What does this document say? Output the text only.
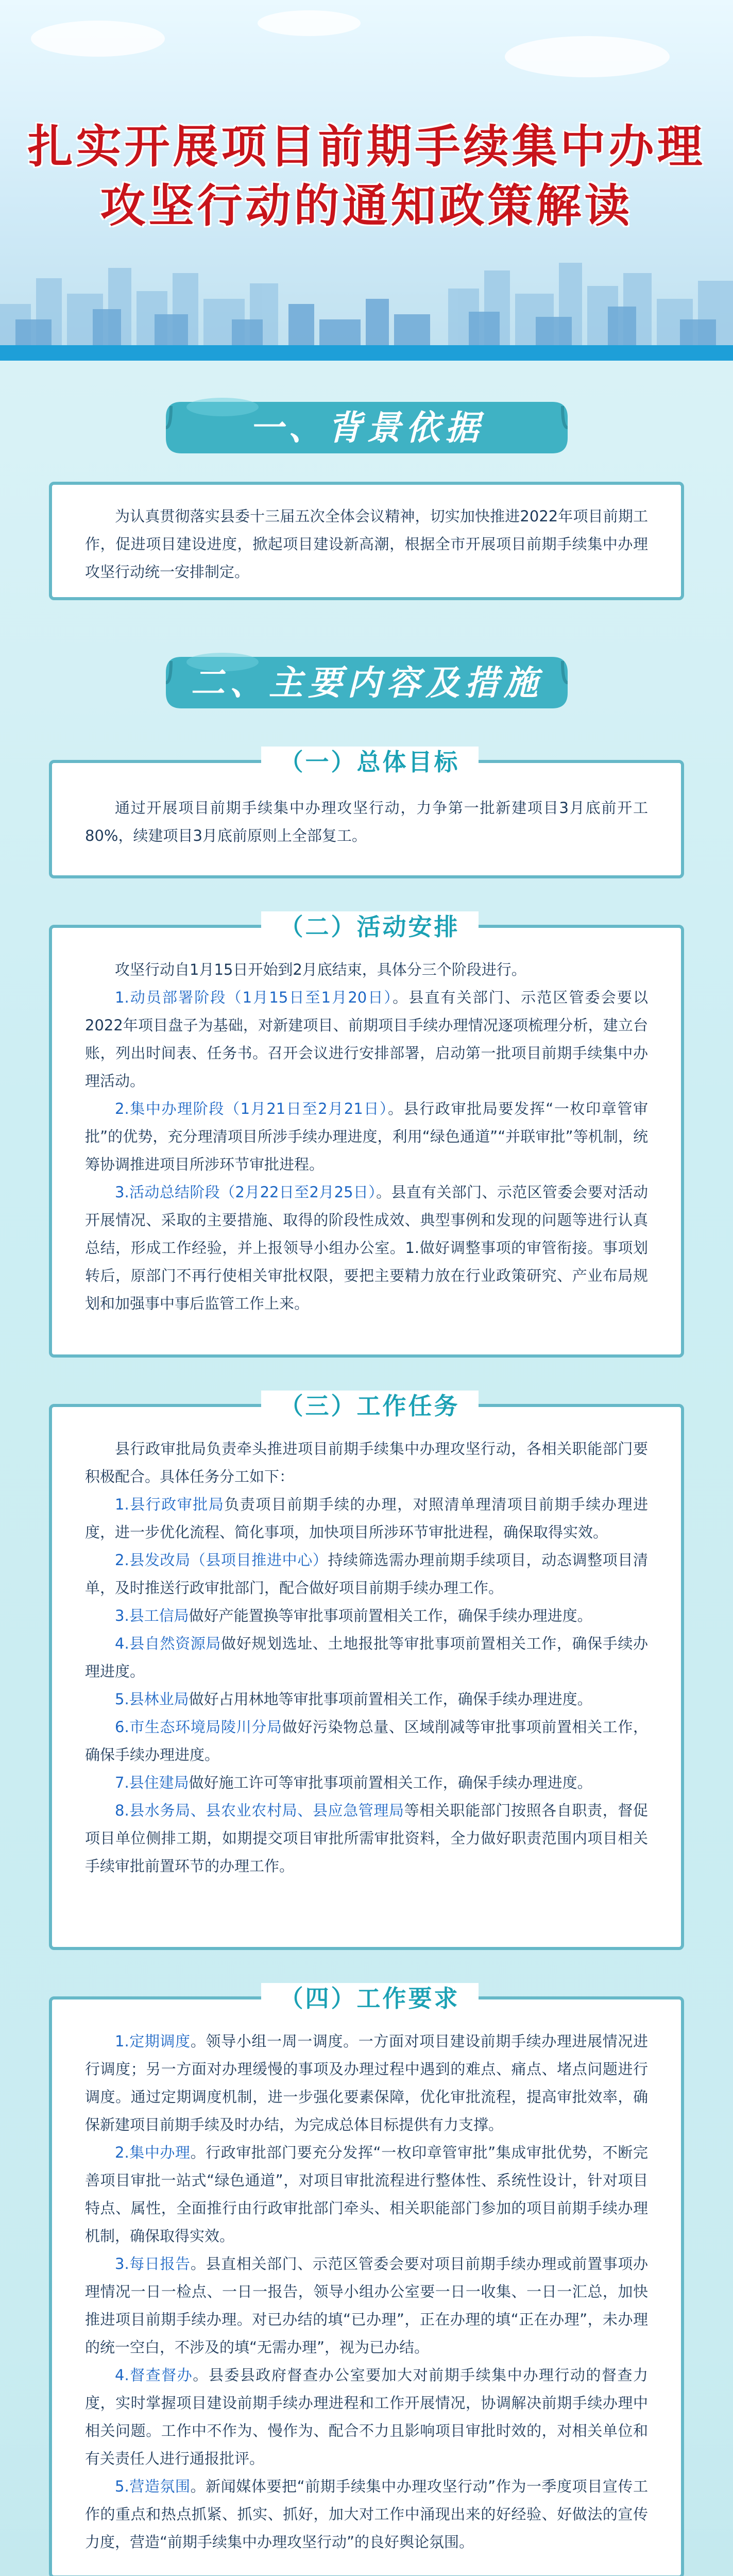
扎实开展项目前期手续集中办理
攻坚行动的通知政策解读
一、背景依据

为认真贯彻落实县委十三届五次全体会议精神，切实加快推进2022年项目前期工作，促进项目建设进度，掀起项目建设新高潮，根据全市开展项目前期手续集中办理攻坚行动统一安排制定。

二、主要内容及措施
（一）总体目标

通过开展项目前期手续集中办理攻坚行动，力争第一批新建项目3月底前开工80%，续建项目3月底前原则上全部复工。

（二）活动安排

攻坚行动自1月15日开始到2月底结束，具体分三个阶段进行。

1.动员部署阶段（1月15日至1月20日）。县直有关部门、示范区管委会要以2022年项目盘子为基础，对新建项目、前期项目手续办理情况逐项梳理分析，建立台账，列出时间表、任务书。召开会议进行安排部署，启动第一批项目前期手续集中办理活动。

2.集中办理阶段（1月21日至2月21日）。县行政审批局要发挥“一枚印章管审批”的优势，充分理清项目所涉手续办理进度，利用“绿色通道”“并联审批”等机制，统筹协调推进项目所涉环节审批进程。

3.活动总结阶段（2月22日至2月25日）。县直有关部门、示范区管委会要对活动开展情况、采取的主要措施、取得的阶段性成效、典型事例和发现的问题等进行认真总结，形成工作经验，并上报领导小组办公室。1.做好调整事项的审管衔接。事项划转后，原部门不再行使相关审批权限，要把主要精力放在行业政策研究、产业布局规划和加强事中事后监管工作上来。

（三）工作任务

县行政审批局负责牵头推进项目前期手续集中办理攻坚行动，各相关职能部门要积极配合。具体任务分工如下：

1.县行政审批局负责项目前期手续的办理，对照清单理清项目前期手续办理进度，进一步优化流程、简化事项，加快项目所涉环节审批进程，确保取得实效。

2.县发改局（县项目推进中心）持续筛选需办理前期手续项目，动态调整项目清单，及时推送行政审批部门，配合做好项目前期手续办理工作。

3.县工信局做好产能置换等审批事项前置相关工作，确保手续办理进度。

4.县自然资源局做好规划选址、土地报批等审批事项前置相关工作，确保手续办理进度。

5.县林业局做好占用林地等审批事项前置相关工作，确保手续办理进度。

6.市生态环境局陵川分局做好污染物总量、区域削减等审批事项前置相关工作，确保手续办理进度。

7.县住建局做好施工许可等审批事项前置相关工作，确保手续办理进度。

8.县水务局、县农业农村局、县应急管理局等相关职能部门按照各自职责，督促项目单位侧排工期，如期提交项目审批所需审批资料，全力做好职责范围内项目相关手续审批前置环节的办理工作。

（四）工作要求

1.定期调度。领导小组一周一调度。一方面对项目建设前期手续办理进展情况进行调度；另一方面对办理缓慢的事项及办理过程中遇到的难点、痛点、堵点问题进行调度。通过定期调度机制，进一步强化要素保障，优化审批流程，提高审批效率，确保新建项目前期手续及时办结，为完成总体目标提供有力支撑。

2.集中办理。行政审批部门要充分发挥“一枚印章管审批”集成审批优势，不断完善项目审批一站式“绿色通道”，对项目审批流程进行整体性、系统性设计，针对项目特点、属性，全面推行由行政审批部门牵头、相关职能部门参加的项目前期手续办理机制，确保取得实效。

3.每日报告。县直相关部门、示范区管委会要对项目前期手续办理或前置事项办理情况一日一检点、一日一报告，领导小组办公室要一日一收集、一日一汇总，加快推进项目前期手续办理。对已办结的填“已办理”，正在办理的填“正在办理”，未办理的统一空白，不涉及的填“无需办理”，视为已办结。

4.督查督办。县委县政府督查办公室要加大对前期手续集中办理行动的督查力度，实时掌握项目建设前期手续办理进程和工作开展情况，协调解决前期手续办理中相关问题。工作中不作为、慢作为、配合不力且影响项目审批时效的，对相关单位和有关责任人进行通报批评。

5.营造氛围。新闻媒体要把“前期手续集中办理攻坚行动”作为一季度项目宣传工作的重点和热点抓紧、抓实、抓好，加大对工作中涌现出来的好经验、好做法的宣传力度，营造“前期手续集中办理攻坚行动”的良好舆论氛围。
